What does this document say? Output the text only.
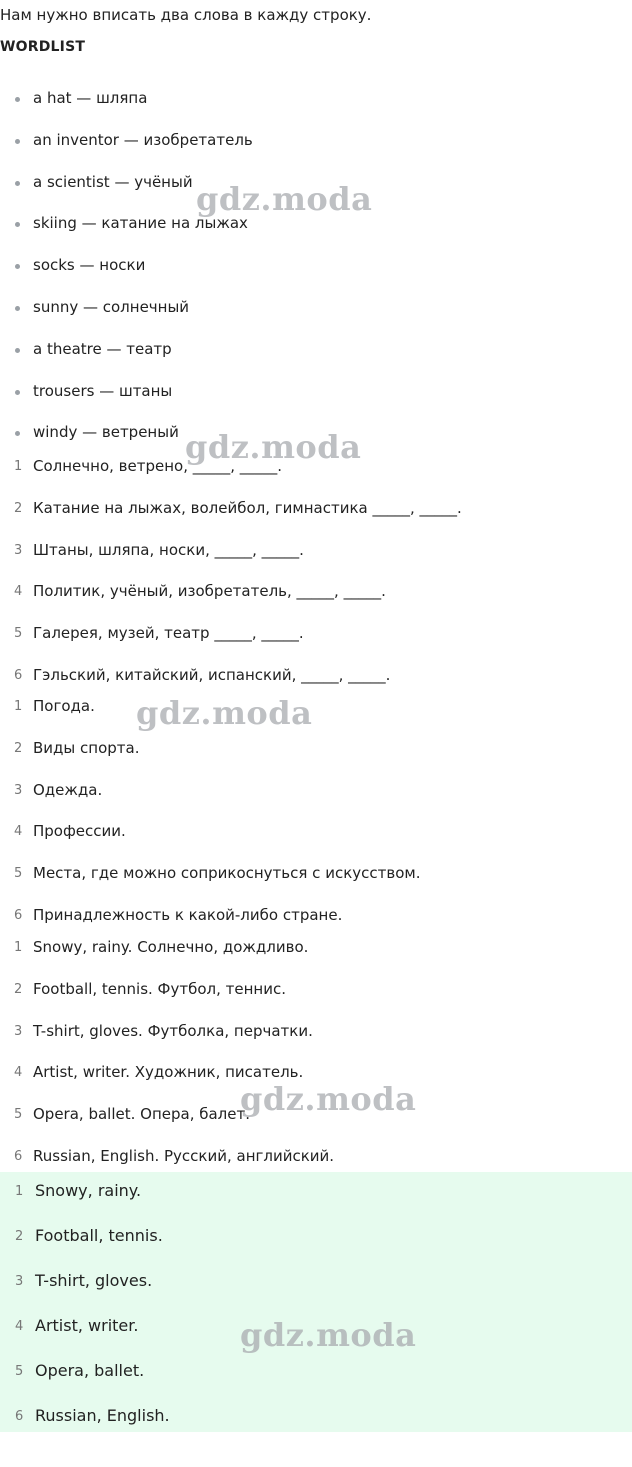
Нам нужно вписать два слова в кажду строку.
WORDLIST
a hat — шляпа
an inventor — изобретатель
a scientist — учёный
skiing — катание на лыжах
socks — носки
sunny — солнечный
a theatre — театр
trousers — штаны
windy — ветреный
1 Солнечно, ветрено, _____, _____.
2 Катание на лыжах, волейбол, гимнастика _____, _____.
3 Штаны, шляпа, носки, _____, _____.
4 Политик, учёный, изобретатель, _____, _____.
5 Галерея, музей, театр _____, _____.
6 Гэльский, китайский, испанский, _____, _____.
1 Погода.
2 Виды спорта.
3 Одежда.
4 Профессии.
5 Места, где можно соприкоснуться с искусством.
6 Принадлежность к какой-либо стране.
1 Snowy, rainy. Солнечно, дождливо.
2 Football, tennis. Футбол, теннис.
3 T-shirt, gloves. Футболка, перчатки.
4 Artist, writer. Художник, писатель.
5 Opera, ballet. Опера, балет.
6 Russian, English. Русский, английский.
1 Snowy, rainy.
2 Football, tennis.
3 T-shirt, gloves.
4 Artist, writer.
5 Opera, ballet.
6 Russian, English.
gdz.moda
gdz.moda
gdz.moda
gdz.moda
gdz.moda
